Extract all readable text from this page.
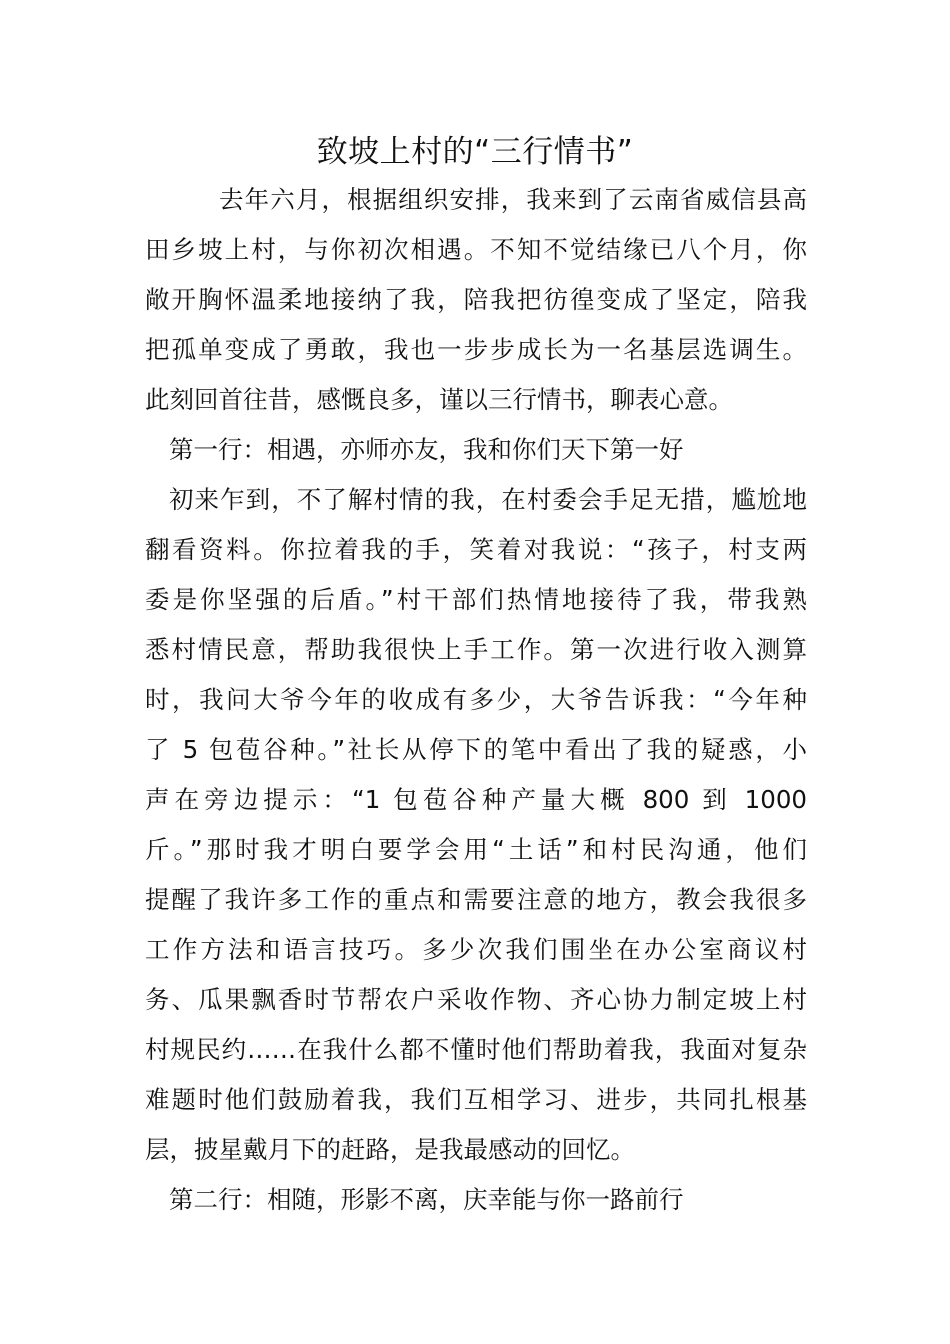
致坡上村的“三行情书”
去年六月，根据组织安排，我来到了云南省威信县高
田乡坡上村，与你初次相遇。不知不觉结缘已八个月，你
敞开胸怀温柔地接纳了我，陪我把彷徨变成了坚定，陪我
把孤单变成了勇敢，我也一步步成长为一名基层选调生。
此刻回首往昔，感慨良多，谨以三行情书，聊表心意。
第一行：相遇，亦师亦友，我和你们天下第一好
初来乍到，不了解村情的我，在村委会手足无措，尴尬地
翻看资料。你拉着我的手，笑着对我说：“孩子，村支两
委是你坚强的后盾。”村干部们热情地接待了我，带我熟
悉村情民意，帮助我很快上手工作。第一次进行收入测算
时，我问大爷今年的收成有多少，大爷告诉我：“今年种
了 5 包苞谷种。”社长从停下的笔中看出了我的疑惑，小
声在旁边提示：“1 包苞谷种产量大概 800 到 1000
斤。”那时我才明白要学会用“土话”和村民沟通，他们
提醒了我许多工作的重点和需要注意的地方，教会我很多
工作方法和语言技巧。多少次我们围坐在办公室商议村
务、瓜果飘香时节帮农户采收作物、齐心协力制定坡上村
村规民约……在我什么都不懂时他们帮助着我，我面对复杂
难题时他们鼓励着我，我们互相学习、进步，共同扎根基
层，披星戴月下的赶路，是我最感动的回忆。
第二行：相随，形影不离，庆幸能与你一路前行
